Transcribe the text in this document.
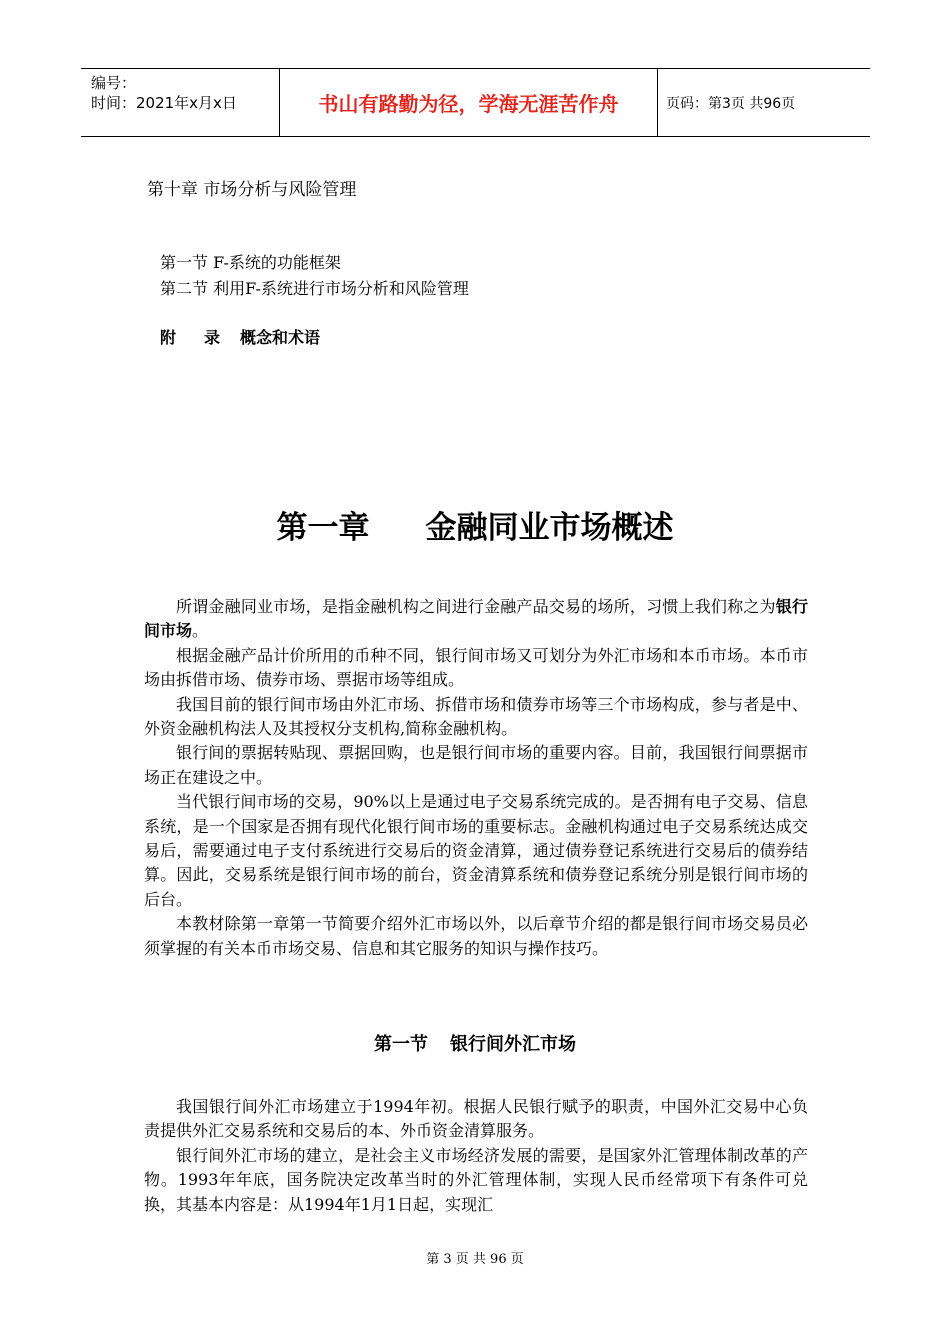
编号：
时间：2021年x月x日	书山有路勤为径，学海无涯苦作舟	页码：第3页 共96页
第十章 市场分析与风险管理
第一节 F-系统的功能框架
第二节 利用F-系统进行市场分析和风险管理
附 录 概念和术语
第一章 金融同业市场概述

所谓金融同业市场，是指金融机构之间进行金融产品交易的场所，习惯上我们称之为银行间市场。

根据金融产品计价所用的币种不同，银行间市场又可划分为外汇市场和本币市场。本币市场由拆借市场、债券市场、票据市场等组成。

我国目前的银行间市场由外汇市场、拆借市场和债券市场等三个市场构成，参与者是中、外资金融机构法人及其授权分支机构,简称金融机构。

银行间的票据转贴现、票据回购，也是银行间市场的重要内容。目前，我国银行间票据市场正在建设之中。

当代银行间市场的交易，90%以上是通过电子交易系统完成的。是否拥有电子交易、信息系统，是一个国家是否拥有现代化银行间市场的重要标志。金融机构通过电子交易系统达成交易后，需要通过电子支付系统进行交易后的资金清算，通过债券登记系统进行交易后的债券结算。因此，交易系统是银行间市场的前台，资金清算系统和债券登记系统分别是银行间市场的后台。

本教材除第一章第一节简要介绍外汇市场以外，以后章节介绍的都是银行间市场交易员必须掌握的有关本币市场交易、信息和其它服务的知识与操作技巧。

第一节 银行间外汇市场

我国银行间外汇市场建立于1994年初。根据人民银行赋予的职责，中国外汇交易中心负责提供外汇交易系统和交易后的本、外币资金清算服务。

银行间外汇市场的建立，是社会主义市场经济发展的需要，是国家外汇管理体制改革的产物。1993年年底，国务院决定改革当时的外汇管理体制，实现人民币经常项下有条件可兑换，其基本内容是：从1994年1月1日起，实现汇

第 3 页 共 96 页
